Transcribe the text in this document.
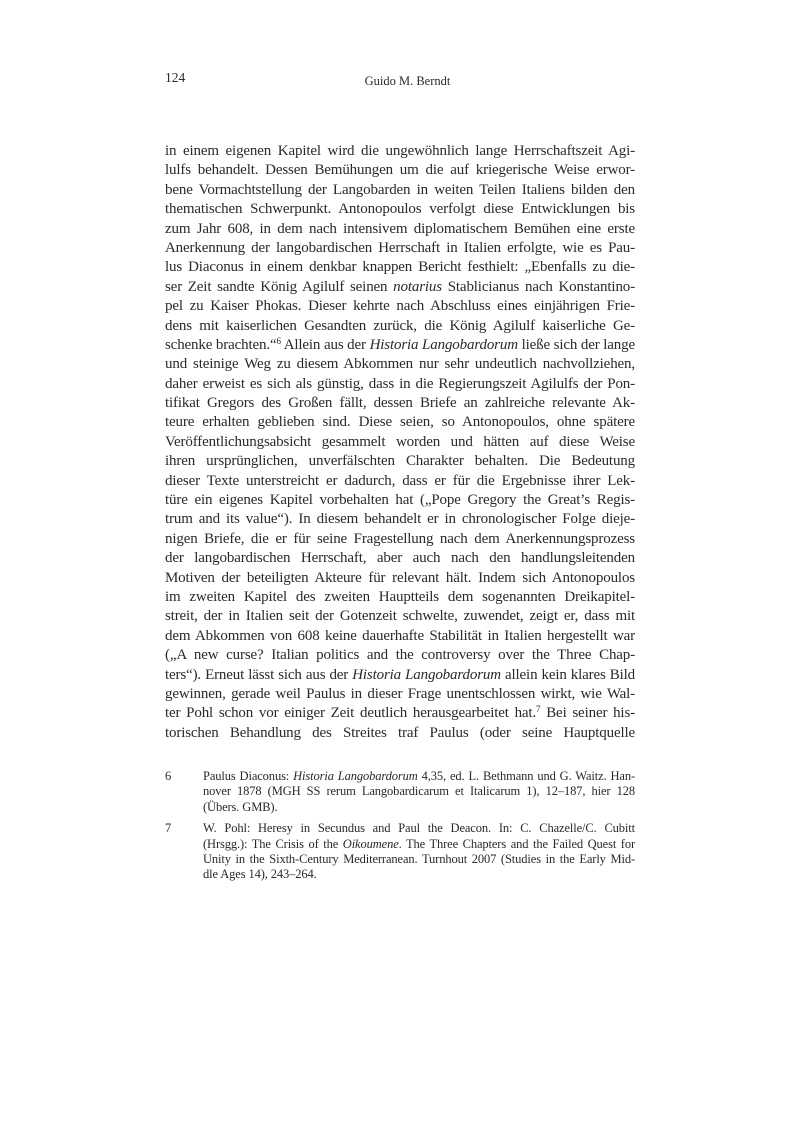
124	Guido M. Berndt
in einem eigenen Kapitel wird die ungewöhnlich lange Herrschaftszeit Agi-
lulfs behandelt. Dessen Bemühungen um die auf kriegerische Weise erwor-
bene Vormachtstellung der Langobarden in weiten Teilen Italiens bilden den
thematischen Schwerpunkt. Antonopoulos verfolgt diese Entwicklungen bis
zum Jahr 608, in dem nach intensivem diplomatischem Bemühen eine erste
Anerkennung der langobardischen Herrschaft in Italien erfolgte, wie es Pau-
lus Diaconus in einem denkbar knappen Bericht festhielt: „Ebenfalls zu die-
ser Zeit sandte König Agilulf seinen notarius Stablicianus nach Konstantino-
pel zu Kaiser Phokas. Dieser kehrte nach Abschluss eines einjährigen Frie-
dens mit kaiserlichen Gesandten zurück, die König Agilulf kaiserliche Ge-
schenke brachten.“$^6$ Allein aus der Historia Langobardorum ließe sich der lange
und steinige Weg zu diesem Abkommen nur sehr undeutlich nachvollziehen,
daher erweist es sich als günstig, dass in die Regierungszeit Agilulfs der Pon-
tifikat Gregors des Großen fällt, dessen Briefe an zahlreiche relevante Ak-
teure erhalten geblieben sind. Diese seien, so Antonopoulos, ohne spätere
Veröffentlichungsabsicht gesammelt worden und hätten auf diese Weise
ihren ursprünglichen, unverfälschten Charakter behalten. Die Bedeutung
dieser Texte unterstreicht er dadurch, dass er für die Ergebnisse ihrer Lek-
türe ein eigenes Kapitel vorbehalten hat („Pope Gregory the Great’s Regis-
trum and its value“). In diesem behandelt er in chronologischer Folge dieje-
nigen Briefe, die er für seine Fragestellung nach dem Anerkennungsprozess
der langobardischen Herrschaft, aber auch nach den handlungsleitenden
Motiven der beteiligten Akteure für relevant hält. Indem sich Antonopoulos
im zweiten Kapitel des zweiten Hauptteils dem sogenannten Dreikapitel-
streit, der in Italien seit der Gotenzeit schwelte, zuwendet, zeigt er, dass mit
dem Abkommen von 608 keine dauerhafte Stabilität in Italien hergestellt war
(„A new curse? Italian politics and the controversy over the Three Chap-
ters“). Erneut lässt sich aus der Historia Langobardorum allein kein klares Bild
gewinnen, gerade weil Paulus in dieser Frage unentschlossen wirkt, wie Wal-
ter Pohl schon vor einiger Zeit deutlich herausgearbeitet hat.$^7$ Bei seiner his-
torischen Behandlung des Streites traf Paulus (oder seine Hauptquelle
6	Paulus Diaconus: Historia Langobardorum 4,35, ed. L. Bethmann und G. Waitz. Han-
nover 1878 (MGH SS rerum Langobardicarum et Italicarum 1), 12–187, hier 128
(Übers. GMB).
7	W. Pohl: Heresy in Secundus and Paul the Deacon. In: C. Chazelle/C. Cubitt
(Hrsgg.): The Crisis of the Oikoumene. The Three Chapters and the Failed Quest for
Unity in the Sixth-Century Mediterranean. Turnhout 2007 (Studies in the Early Mid-
dle Ages 14), 243–264.
